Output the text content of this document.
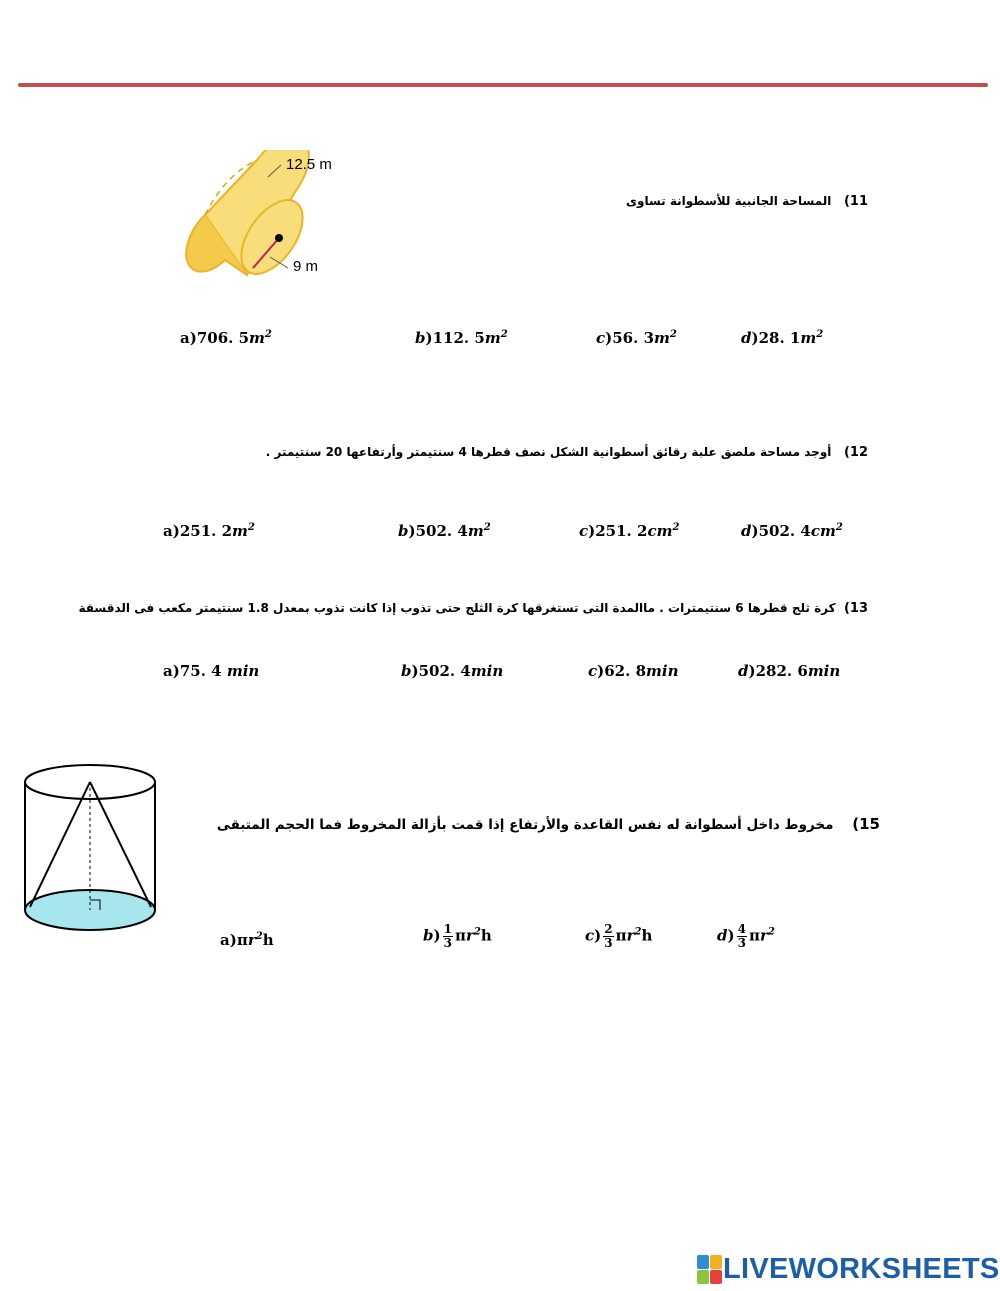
11)   المساحة الجانبية للأسطوانة تساوى
12.5 m
9 m
a)706. $5m^2$	b)112. $5m^2$	c)56. $3m^2$	d)28. $1m^2$
12)   أوجد مساحة ملصق علبة رقائق أسطوانية الشكل نصف قطرها 4 سنتيمتر وأرتفاعها 20 سنتيمتر .
a)251. $2m^2$	b)502. $4m^2$	c)251. $2cm^2$	d)502. $4cm^2$
13)  كرة ثلج قطرها 6 سنتيمترات . ماالمدة التى تستغرقها كرة الثلج حتى تذوب إذا كانت تذوب بمعدل 1.8 سنتيمتر مكعب فى الدقسقة
a)75. 4 min	b)502. 4min	c)62. 8min	d)282. 6min
15)    مخروط داخل أسطوانة له نفس القاعدة والأرتفاع إذا قمت بأزالة المخروط فما الحجم المتبقى
$a)\pi r^2h$	$b) \frac{1}{3} \pi r^2h$	$c) \frac{2}{3} \pi r^2h$	$d) \frac{4}{3} \pi r^2$
LIVEWORKSHEETS
